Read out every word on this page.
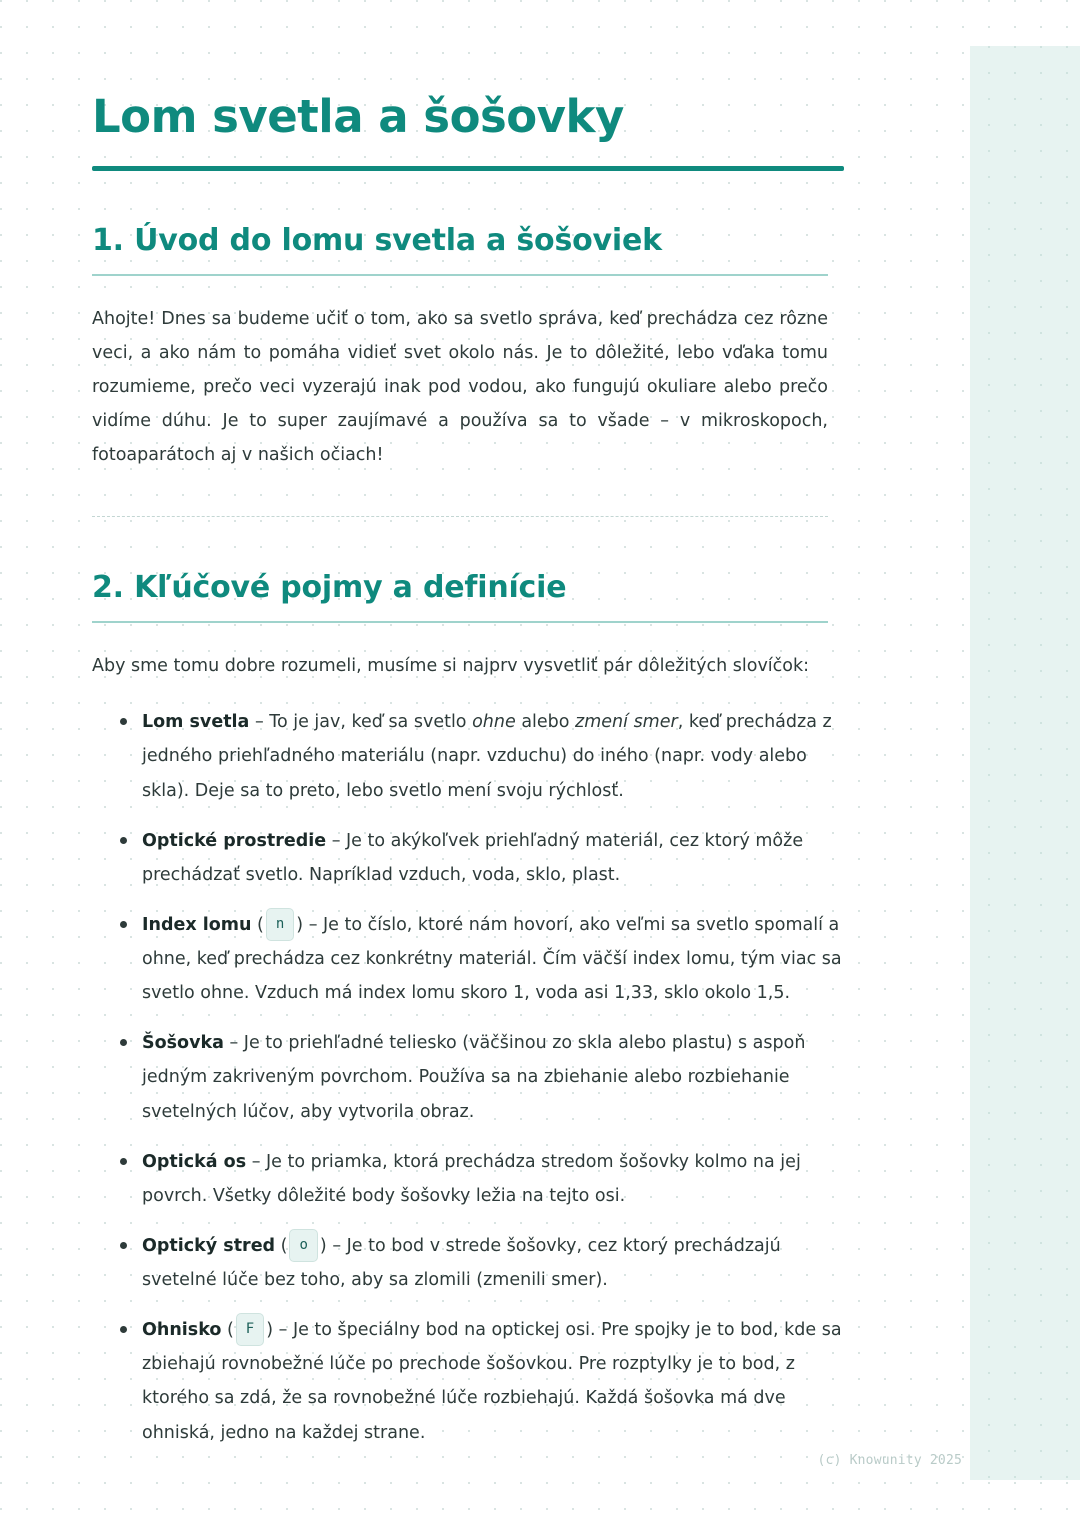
Lom svetla a šošovky
1. Úvod do lomu svetla a šošoviek

Ahojte! Dnes sa budeme učiť o tom, ako sa svetlo správa, keď prechádza cez rôzne veci, a ako nám to pomáha vidieť svet okolo nás. Je to dôležité, lebo vďaka tomu rozumieme, prečo veci vyzerajú inak pod vodou, ako fungujú okuliare alebo prečo vidíme dúhu. Je to super zaujímavé a používa sa to všade – v mikroskopoch, fotoaparátoch aj v našich očiach!

2. Kľúčové pojmy a definície

Aby sme tomu dobre rozumeli, musíme si najprv vysvetliť pár dôležitých slovíčok:

Lom svetla – To je jav, keď sa svetlo ohne alebo zmení smer, keď prechádza z jedného priehľadného materiálu (napr. vzduchu) do iného (napr. vody alebo skla). Deje sa to preto, lebo svetlo mení svoju rýchlosť.
Optické prostredie – Je to akýkoľvek priehľadný materiál, cez ktorý môže prechádzať svetlo. Napríklad vzduch, voda, sklo, plast.
Index lomu ( n ) – Je to číslo, ktoré nám hovorí, ako veľmi sa svetlo spomalí a ohne, keď prechádza cez konkrétny materiál. Čím väčší index lomu, tým viac sa svetlo ohne. Vzduch má index lomu skoro 1, voda asi 1,33, sklo okolo 1,5.
Šošovka – Je to priehľadné teliesko (väčšinou zo skla alebo plastu) s aspoň jedným zakriveným povrchom. Používa sa na zbiehanie alebo rozbiehanie svetelných lúčov, aby vytvorila obraz.
Optická os – Je to priamka, ktorá prechádza stredom šošovky kolmo na jej povrch. Všetky dôležité body šošovky ležia na tejto osi.
Optický stred ( o ) – Je to bod v strede šošovky, cez ktorý prechádzajú svetelné lúče bez toho, aby sa zlomili (zmenili smer).
Ohnisko ( F ) – Je to špeciálny bod na optickej osi. Pre spojky je to bod, kde sa zbiehajú rovnobežné lúče po prechode šošovkou. Pre rozptylky je to bod, z ktorého sa zdá, že sa rovnobežné lúče rozbiehajú. Každá šošovka má dve ohniská, jedno na každej strane.
(c) Knowunity 2025
